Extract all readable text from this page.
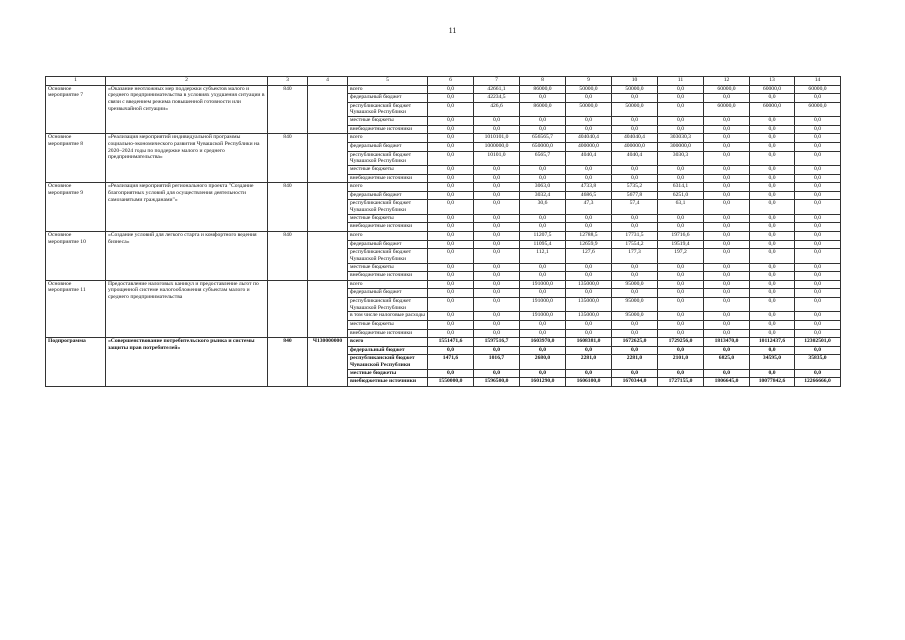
11
1	2	3	4	5	6	7	8	9	10	11	12	13	14
Основное мероприятие 7	«Оказание неотложных мер поддержки субъектов малого и среднего предпринимательства в условиях ухудшения ситуации в связи с введением режима повышенной готовности или чрезвычайной ситуации»	840		всего	0,0	42661,1	86000,0	50000,0	50000,0	0,0	60000,0	60000,0	60000,0
				федеральный бюджет	0,0	42234,5	0,0	0,0	0,0	0,0	0,0	0,0	0,0
				республиканский бюджет Чувашской Республики	0,0	426,6	86000,0	50000,0	50000,0	0,0	60000,0	60000,0	60000,0
				местные бюджеты	0,0	0,0	0,0	0,0	0,0	0,0	0,0	0,0	0,0
				внебюджетные источники	0,0	0,0	0,0	0,0	0,0	0,0	0,0	0,0	0,0
Основное мероприятие 8	«Реализация мероприятий индивидуальной программы социально-экономического развития Чувашской Республики на 2020–2024 годы по поддержке малого и среднего предпринимательства»	840		всего	0,0	1010101,0	656565,7	404040,4	404040,4	303030,3	0,0	0,0	0,0
				федеральный бюджет	0,0	1000000,0	650000,0	400000,0	400000,0	300000,0	0,0	0,0	0,0
				республиканский бюджет Чувашской Республики	0,0	10101,0	6565,7	4040,4	4040,4	3030,3	0,0	0,0	0,0
				местные бюджеты	0,0	0,0	0,0	0,0	0,0	0,0	0,0	0,0	0,0
				внебюджетные источники	0,0	0,0	0,0	0,0	0,0	0,0	0,0	0,0	0,0
Основное мероприятие 9	«Реализация мероприятий регионального проекта "Создание благоприятных условий для осуществления деятельности самозанятыми гражданами"»	840		всего	0,0	0,0	3063,0	4733,8	5735,2	6314,1	0,0	0,0	0,0
				федеральный бюджет	0,0	0,0	3032,4	4686,5	5677,8	6251,0	0,0	0,0	0,0
				республиканский бюджет Чувашской Республики	0,0	0,0	30,6	47,3	57,4	63,1	0,0	0,0	0,0
				местные бюджеты	0,0	0,0	0,0	0,0	0,0	0,0	0,0	0,0	0,0
				внебюджетные источники	0,0	0,0	0,0	0,0	0,0	0,0	0,0	0,0	0,0
Основное мероприятие 10	«Создание условий для легкого старта и комфортного ведения бизнеса»	840		всего	0,0	0,0	11207,5	12788,5	17731,5	19716,6	0,0	0,0	0,0
				федеральный бюджет	0,0	0,0	11095,4	12659,9	17554,2	19519,4	0,0	0,0	0,0
				республиканский бюджет Чувашской Республики	0,0	0,0	112,1	127,6	177,3	197,2	0,0	0,0	0,0
				местные бюджеты	0,0	0,0	0,0	0,0	0,0	0,0	0,0	0,0	0,0
				внебюджетные источники	0,0	0,0	0,0	0,0	0,0	0,0	0,0	0,0	0,0
Основное мероприятие 11	Предоставление налоговых каникул и предоставление льгот по упрощенной системе налогообложения субъектам малого и среднего предпринимательства			всего	0,0	0,0	191000,0	135000,0	95000,0	0,0	0,0	0,0	0,0
				федеральный бюджет	0,0	0,0	0,0	0,0	0,0	0,0	0,0	0,0	0,0
				республиканский бюджет Чувашской Республики	0,0	0,0	191000,0	135000,0	95000,0	0,0	0,0	0,0	0,0
				в том числе налоговые расходы	0,0	0,0	191000,0	135000,0	95000,0	0,0	0,0	0,0	0,0
				местные бюджеты	0,0	0,0	0,0	0,0	0,0	0,0	0,0	0,0	0,0
				внебюджетные источники	0,0	0,0	0,0	0,0	0,0	0,0	0,0	0,0	0,0
Подпрограмма	«Совершенствование потребительского рынка и системы защиты прав потребителей»	840	Ч130000000	всего	1551471,6	1597516,7	1603970,0	1608381,0	1672625,0	1729256,0	1813470,0	10112437,6	12302501,0
				федеральный бюджет	0,0	0,0	0,0	0,0	0,0	0,0	0,0	0,0	0,0
				республиканский бюджет Чувашской Республики	1471,6	1016,7	2680,0	2281,0	2281,0	2101,0	6825,0	34595,0	35835,0
				местные бюджеты	0,0	0,0	0,0	0,0	0,0	0,0	0,0	0,0	0,0
				внебюджетные источники	1550000,0	1596500,0	1601290,0	1606100,0	1670344,0	1727155,0	1806645,0	10077842,6	12266666,0
